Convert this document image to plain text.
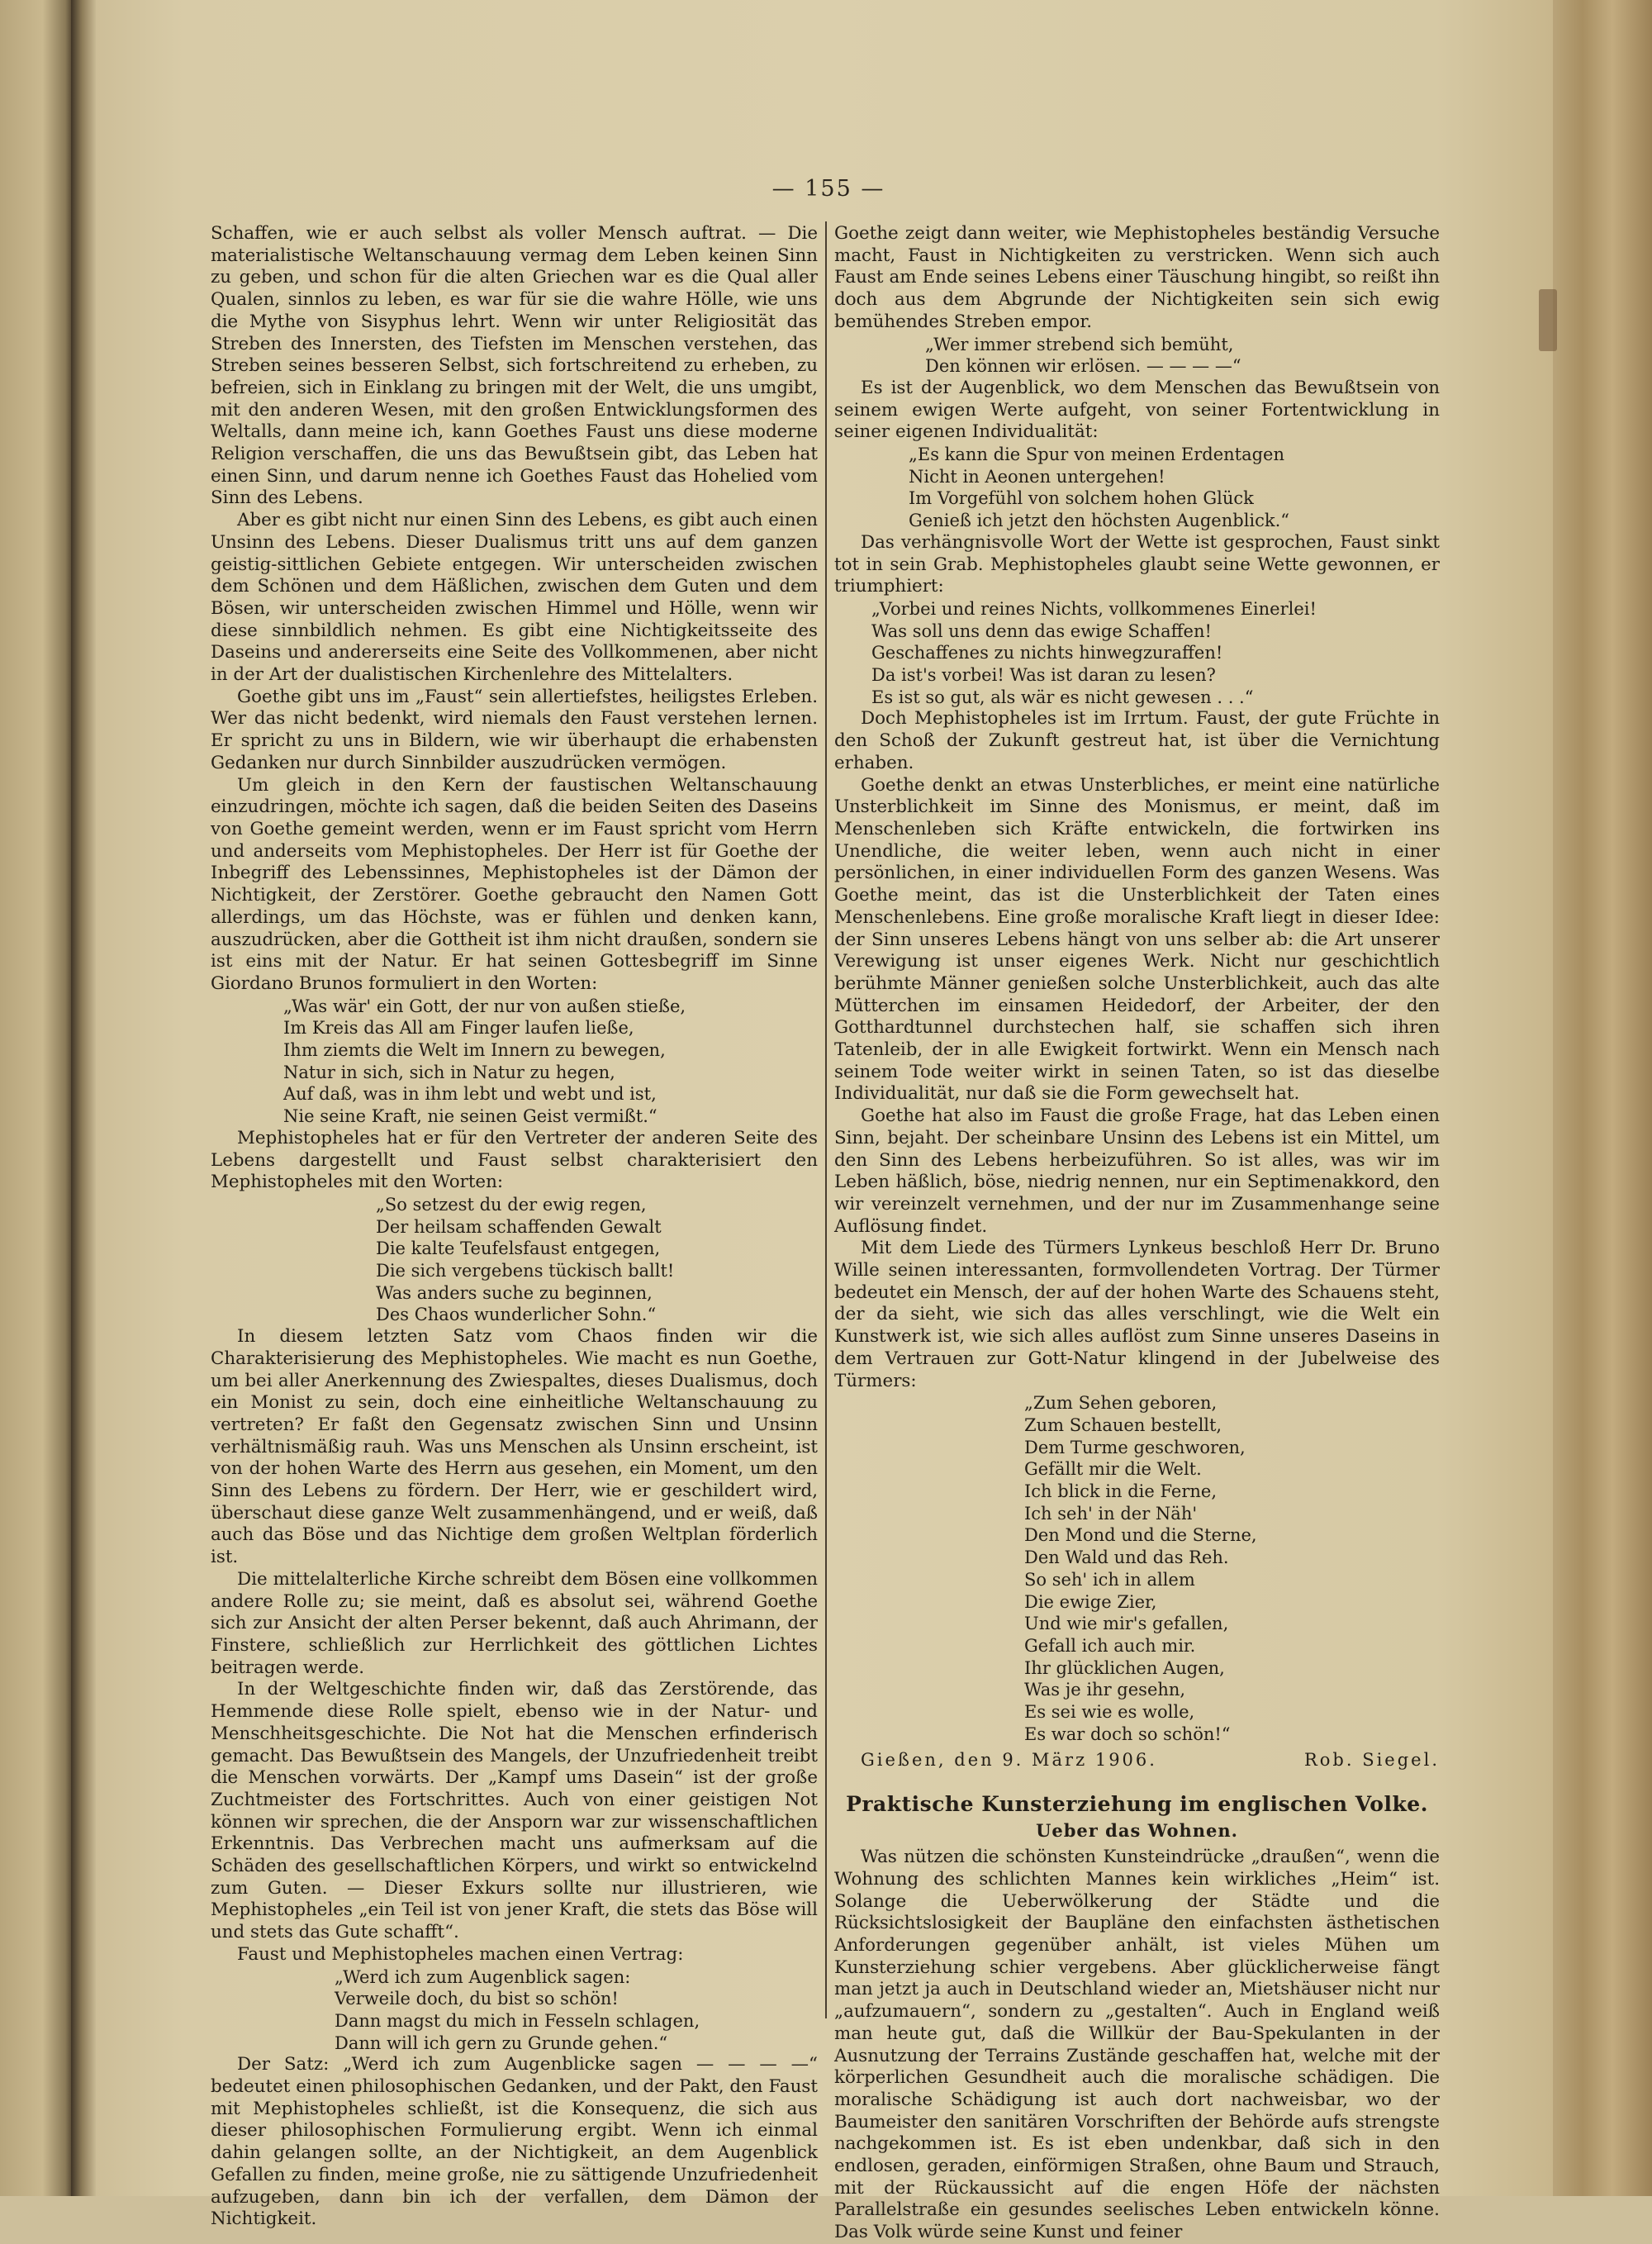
— 155 —

Schaffen, wie er auch selbst als voller Mensch auftrat. — Die materialistische Weltanschauung vermag dem Leben keinen Sinn zu geben, und schon für die alten Griechen war es die Qual aller Qualen, sinnlos zu leben, es war für sie die wahre Hölle, wie uns die Mythe von Sisyphus lehrt. Wenn wir unter Religiosität das Streben des Innersten, des Tiefsten im Menschen verstehen, das Streben seines besseren Selbst, sich fortschreitend zu erheben, zu befreien, sich in Einklang zu bringen mit der Welt, die uns umgibt, mit den anderen Wesen, mit den großen Entwicklungsformen des Weltalls, dann meine ich, kann Goethes Faust uns diese moderne Religion verschaffen, die uns das Bewußtsein gibt, das Leben hat einen Sinn, und darum nenne ich Goethes Faust das Hohelied vom Sinn des Lebens.

Aber es gibt nicht nur einen Sinn des Lebens, es gibt auch einen Unsinn des Lebens. Dieser Dualismus tritt uns auf dem ganzen geistig-sittlichen Gebiete entgegen. Wir unterscheiden zwischen dem Schönen und dem Häßlichen, zwischen dem Guten und dem Bösen, wir unterscheiden zwischen Himmel und Hölle, wenn wir diese sinnbildlich nehmen. Es gibt eine Nichtigkeitsseite des Daseins und andererseits eine Seite des Vollkommenen, aber nicht in der Art der dualistischen Kirchenlehre des Mittelalters.

Goethe gibt uns im „Faust“ sein allertiefstes, heiligstes Erleben. Wer das nicht bedenkt, wird niemals den Faust verstehen lernen. Er spricht zu uns in Bildern, wie wir überhaupt die erhabensten Gedanken nur durch Sinnbilder auszudrücken vermögen.

Um gleich in den Kern der faustischen Weltanschauung einzudringen, möchte ich sagen, daß die beiden Seiten des Daseins von Goethe gemeint werden, wenn er im Faust spricht vom Herrn und anderseits vom Mephistopheles. Der Herr ist für Goethe der Inbegriff des Lebenssinnes, Mephistopheles ist der Dämon der Nichtigkeit, der Zerstörer. Goethe gebraucht den Namen Gott allerdings, um das Höchste, was er fühlen und denken kann, auszudrücken, aber die Gottheit ist ihm nicht draußen, sondern sie ist eins mit der Natur. Er hat seinen Gottesbegriff im Sinne Giordano Brunos formuliert in den Worten:

„Was wär' ein Gott, der nur von außen stieße,
Im Kreis das All am Finger laufen ließe,
Ihm ziemts die Welt im Innern zu bewegen,
Natur in sich, sich in Natur zu hegen,
Auf daß, was in ihm lebt und webt und ist,
Nie seine Kraft, nie seinen Geist vermißt.“

Mephistopheles hat er für den Vertreter der anderen Seite des Lebens dargestellt und Faust selbst charakterisiert den Mephistopheles mit den Worten:

„So setzest du der ewig regen,
Der heilsam schaffenden Gewalt
Die kalte Teufelsfaust entgegen,
Die sich vergebens tückisch ballt!
Was anders suche zu beginnen,
Des Chaos wunderlicher Sohn.“

In diesem letzten Satz vom Chaos finden wir die Charakterisierung des Mephistopheles. Wie macht es nun Goethe, um bei aller Anerkennung des Zwiespaltes, dieses Dualismus, doch ein Monist zu sein, doch eine einheitliche Weltanschauung zu vertreten? Er faßt den Gegensatz zwischen Sinn und Unsinn verhältnismäßig rauh. Was uns Menschen als Unsinn erscheint, ist von der hohen Warte des Herrn aus gesehen, ein Moment, um den Sinn des Lebens zu fördern. Der Herr, wie er geschildert wird, überschaut diese ganze Welt zusammenhängend, und er weiß, daß auch das Böse und das Nichtige dem großen Weltplan förderlich ist.

Die mittelalterliche Kirche schreibt dem Bösen eine vollkommen andere Rolle zu; sie meint, daß es absolut sei, während Goethe sich zur Ansicht der alten Perser bekennt, daß auch Ahrimann, der Finstere, schließlich zur Herrlichkeit des göttlichen Lichtes beitragen werde.

In der Weltgeschichte finden wir, daß das Zerstörende, das Hemmende diese Rolle spielt, ebenso wie in der Natur- und Menschheitsgeschichte. Die Not hat die Menschen erfinderisch gemacht. Das Bewußtsein des Mangels, der Unzufriedenheit treibt die Menschen vorwärts. Der „Kampf ums Dasein“ ist der große Zuchtmeister des Fortschrittes. Auch von einer geistigen Not können wir sprechen, die der Ansporn war zur wissenschaftlichen Erkenntnis. Das Verbrechen macht uns aufmerksam auf die Schäden des gesellschaftlichen Körpers, und wirkt so entwickelnd zum Guten. — Dieser Exkurs sollte nur illustrieren, wie Mephistopheles „ein Teil ist von jener Kraft, die stets das Böse will und stets das Gute schafft“.

Faust und Mephistopheles machen einen Vertrag:

„Werd ich zum Augenblick sagen:
Verweile doch, du bist so schön!
Dann magst du mich in Fesseln schlagen,
Dann will ich gern zu Grunde gehen.“

Der Satz: „Werd ich zum Augenblicke sagen — — — —“ bedeutet einen philosophischen Gedanken, und der Pakt, den Faust mit Mephistopheles schließt, ist die Konsequenz, die sich aus dieser philosophischen Formulierung ergibt. Wenn ich einmal dahin gelangen sollte, an der Nichtigkeit, an dem Augenblick Gefallen zu finden, meine große, nie zu sättigende Unzufriedenheit aufzugeben, dann bin ich der verfallen, dem Dämon der Nichtigkeit.

Goethe zeigt dann weiter, wie Mephistopheles beständig Versuche macht, Faust in Nichtigkeiten zu verstricken. Wenn sich auch Faust am Ende seines Lebens einer Täuschung hingibt, so reißt ihn doch aus dem Abgrunde der Nichtigkeiten sein sich ewig bemühendes Streben empor.

„Wer immer strebend sich bemüht,
Den können wir erlösen. — — — —“

Es ist der Augenblick, wo dem Menschen das Bewußtsein von seinem ewigen Werte aufgeht, von seiner Fortentwicklung in seiner eigenen Individualität:

„Es kann die Spur von meinen Erdentagen
Nicht in Aeonen untergehen!
Im Vorgefühl von solchem hohen Glück
Genieß ich jetzt den höchsten Augenblick.“

Das verhängnisvolle Wort der Wette ist gesprochen, Faust sinkt tot in sein Grab. Mephistopheles glaubt seine Wette gewonnen, er triumphiert:

„Vorbei und reines Nichts, vollkommenes Einerlei!
Was soll uns denn das ewige Schaffen!
Geschaffenes zu nichts hinwegzuraffen!
Da ist's vorbei! Was ist daran zu lesen?
Es ist so gut, als wär es nicht gewesen . . .“

Doch Mephistopheles ist im Irrtum. Faust, der gute Früchte in den Schoß der Zukunft gestreut hat, ist über die Vernichtung erhaben.

Goethe denkt an etwas Unsterbliches, er meint eine natürliche Unsterblichkeit im Sinne des Monismus, er meint, daß im Menschenleben sich Kräfte entwickeln, die fortwirken ins Unendliche, die weiter leben, wenn auch nicht in einer persönlichen, in einer individuellen Form des ganzen Wesens. Was Goethe meint, das ist die Unsterblichkeit der Taten eines Menschenlebens. Eine große moralische Kraft liegt in dieser Idee: der Sinn unseres Lebens hängt von uns selber ab: die Art unserer Verewigung ist unser eigenes Werk. Nicht nur geschichtlich berühmte Männer genießen solche Unsterblichkeit, auch das alte Mütterchen im einsamen Heidedorf, der Arbeiter, der den Gotthardtunnel durchstechen half, sie schaffen sich ihren Tatenleib, der in alle Ewigkeit fortwirkt. Wenn ein Mensch nach seinem Tode weiter wirkt in seinen Taten, so ist das dieselbe Individualität, nur daß sie die Form gewechselt hat.

Goethe hat also im Faust die große Frage, hat das Leben einen Sinn, bejaht. Der scheinbare Unsinn des Lebens ist ein Mittel, um den Sinn des Lebens herbeizuführen. So ist alles, was wir im Leben häßlich, böse, niedrig nennen, nur ein Septimenakkord, den wir vereinzelt vernehmen, und der nur im Zusammenhange seine Auflösung findet.

Mit dem Liede des Türmers Lynkeus beschloß Herr Dr. Bruno Wille seinen interessanten, formvollendeten Vortrag. Der Türmer bedeutet ein Mensch, der auf der hohen Warte des Schauens steht, der da sieht, wie sich das alles verschlingt, wie die Welt ein Kunstwerk ist, wie sich alles auflöst zum Sinne unseres Daseins in dem Vertrauen zur Gott-Natur klingend in der Jubelweise des Türmers:

„Zum Sehen geboren,
Zum Schauen bestellt,
Dem Turme geschworen,
Gefällt mir die Welt.
Ich blick in die Ferne,
Ich seh' in der Näh'
Den Mond und die Sterne,
Den Wald und das Reh.
So seh' ich in allem
Die ewige Zier,
Und wie mir's gefallen,
Gefall ich auch mir.
Ihr glücklichen Augen,
Was je ihr gesehn,
Es sei wie es wolle,
Es war doch so schön!“
Gießen, den 9. März 1906.	Rob. Siegel.
Praktische Kunsterziehung im englischen Volke.
Ueber das Wohnen.

Was nützen die schönsten Kunsteindrücke „draußen“, wenn die Wohnung des schlichten Mannes kein wirkliches „Heim“ ist. Solange die Ueberwölkerung der Städte und die Rücksichtslosigkeit der Baupläne den einfachsten ästhetischen Anforderungen gegenüber anhält, ist vieles Mühen um Kunsterziehung schier vergebens. Aber glücklicherweise fängt man jetzt ja auch in Deutschland wieder an, Mietshäuser nicht nur „aufzumauern“, sondern zu „gestalten“. Auch in England weiß man heute gut, daß die Willkür der Bau-Spekulanten in der Ausnutzung der Terrains Zustände geschaffen hat, welche mit der körperlichen Gesundheit auch die moralische schädigen. Die moralische Schädigung ist auch dort nachweisbar, wo der Baumeister den sanitären Vorschriften der Behörde aufs strengste nachgekommen ist. Es ist eben undenkbar, daß sich in den endlosen, geraden, einförmigen Straßen, ohne Baum und Strauch, mit der Rückaussicht auf die engen Höfe der nächsten Parallelstraße ein gesundes seelisches Leben entwickeln könne. Das Volk würde seine Kunst und feiner
